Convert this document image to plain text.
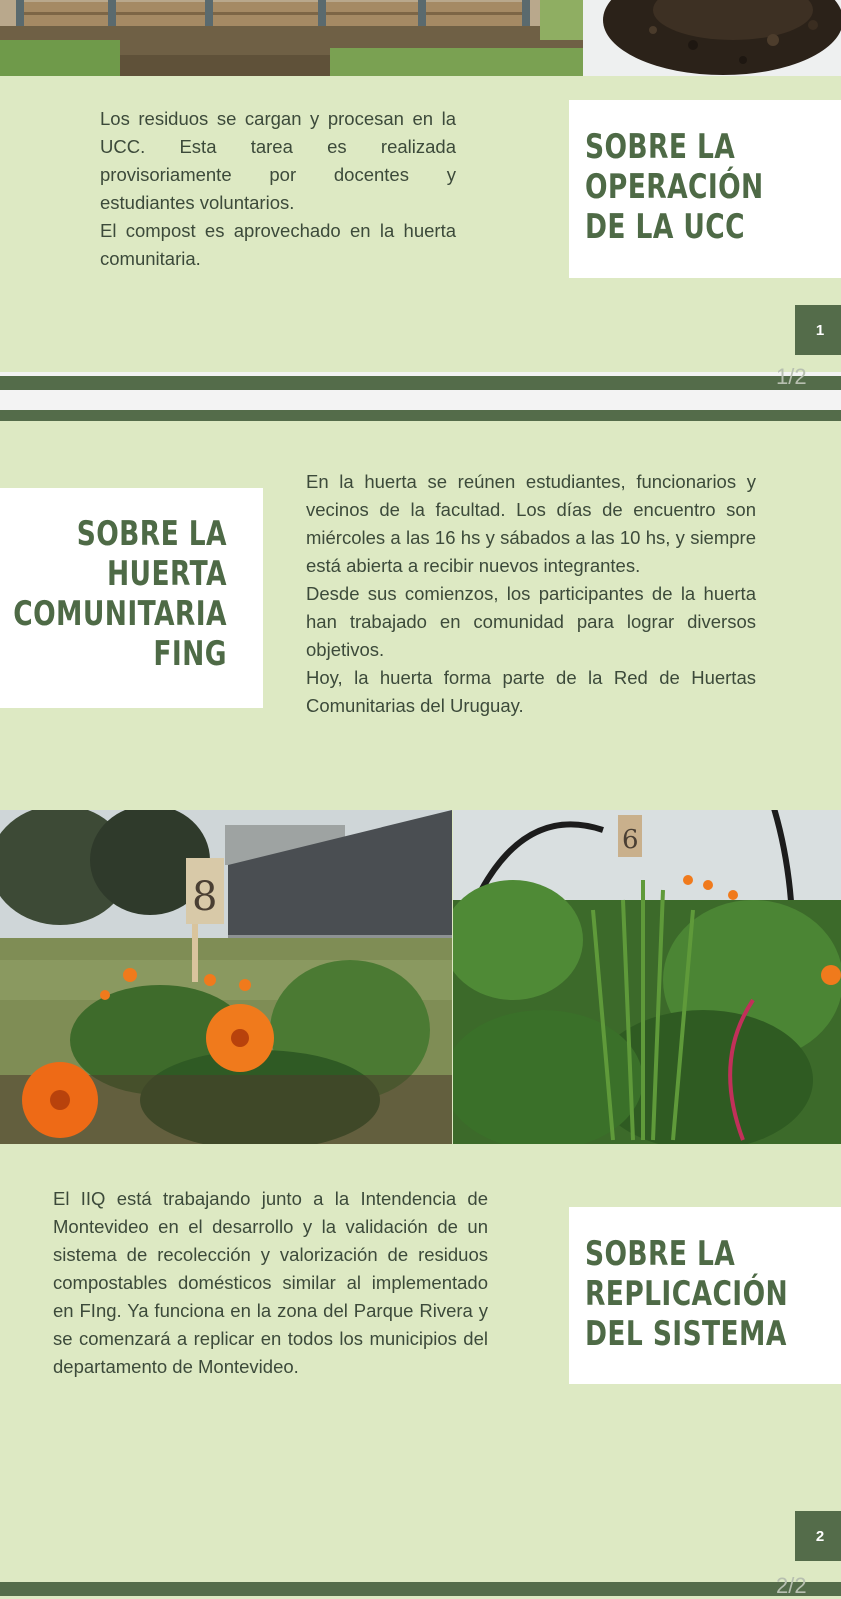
Los residuos se cargan y procesan en la UCC. Esta tarea es realizada provisoriamente por docentes y estudiantes voluntarios.

El compost es aprovechado en la huerta comunitaria.

SOBRE LA
OPERACIÓN
DE LA UCC
1
1/2
SOBRE LA
HUERTA
COMUNITARIA
FING

En la huerta se reúnen estudiantes, funcionarios y vecinos de la facultad. Los días de encuentro son miércoles a las 16 hs y sábados a las 10 hs, y siempre está abierta a recibir nuevos integrantes.

Desde sus comienzos, los participantes de la huerta han trabajado en comunidad para lograr diversos objetivos.

Hoy, la huerta forma parte de la Red de Huertas Comunitarias del Uruguay.

8
6

El IIQ está trabajando junto a la Intendencia de Montevideo en el desarrollo y la validación de un sistema de recolección y valorización de residuos compostables domésticos similar al implementado en FIng. Ya funciona en la zona del Parque Rivera y se comenzará a replicar en todos los municipios del departamento de Montevideo.

SOBRE LA
REPLICACIÓN
DEL SISTEMA
2
2/2
